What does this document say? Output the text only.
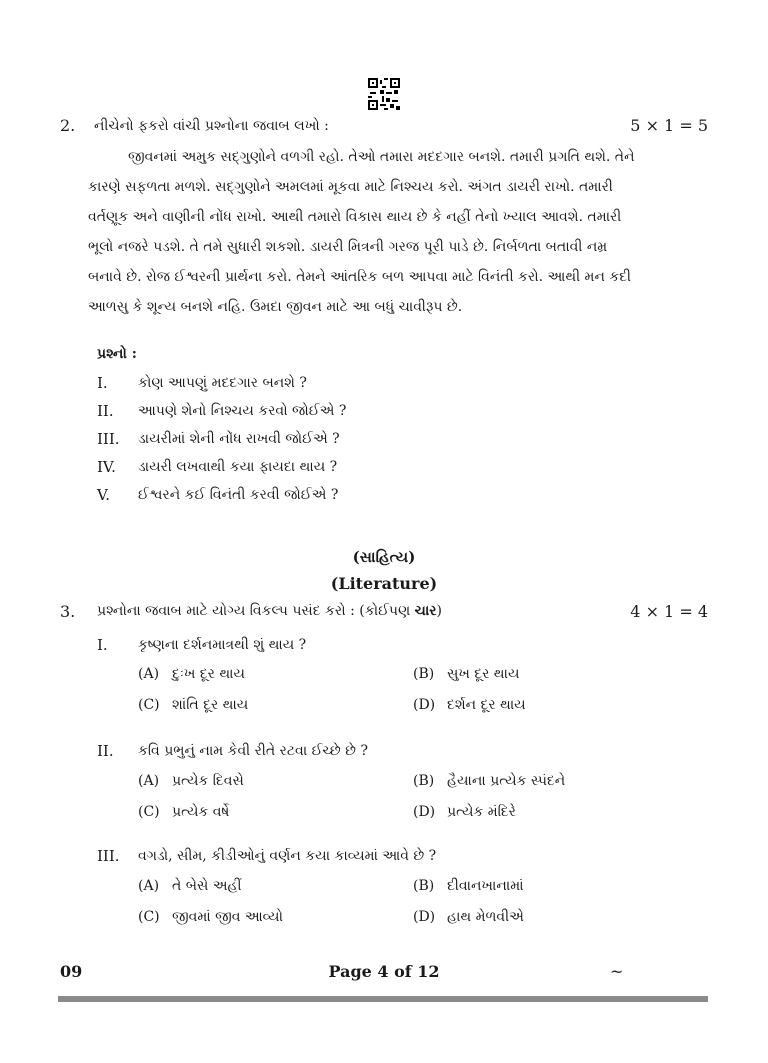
2. નીચેનો ફકરો વાંચી પ્રશ્નોના જવાબ લખો :	5 × 1 = 5
જીવનમાં અમુક સદ્ગુણોને વળગી રહો. તેઓ તમારા મદદગાર બનશે. તમારી પ્રગતિ થશે. તેને
કારણે સફળતા મળશે. સદ્ગુણોને અમલમાં મૂકવા માટે નિશ્ચય કરો. અંગત ડાયરી રાખો. તમારી
વર્તણૂક અને વાણીની નોંધ રાખો. આથી તમારો વિકાસ થાય છે કે નહીં તેનો ખ્યાલ આવશે. તમારી
ભૂલો નજરે પડશે. તે તમે સુધારી શકશો. ડાયરી મિત્રની ગરજ પૂરી પાડે છે. નિર્બળતા બતાવી નમ્ર
બનાવે છે. રોજ ઈશ્વરની પ્રાર્થના કરો. તેમને આંતરિક બળ આપવા માટે વિનંતી કરો. આથી મન કદી
આળસુ કે શૂન્ય બનશે નહિ. ઉમદા જીવન માટે આ બધું ચાવીરૂપ છે.
પ્રશ્નો :
I. કોણ આપણું મદદગાર બનશે ?
II. આપણે શેનો નિશ્ચય કરવો જોઈએ ?
III. ડાયરીમાં શેની નોંધ રાખવી જોઈએ ?
IV. ડાયરી લખવાથી કયા ફાયદા થાય ?
V. ઈશ્વરને કઈ વિનંતી કરવી જોઈએ ?
(સાહિત્ય)
(Literature)
3. પ્રશ્નોના જવાબ માટે યોગ્ય વિકલ્પ પસંદ કરો : (કોઈપણ ચાર)	4 × 1 = 4
I. કૃષ્ણના દર્શનમાત્રથી શું થાય ?
(A) દુઃખ દૂર થાય	(B) સુખ દૂર થાય
(C) શાંતિ દૂર થાય	(D) દર્શન દૂર થાય
II. કવિ પ્રભુનું નામ કેવી રીતે રટવા ઈચ્છે છે ?
(A) પ્રત્યેક દિવસે	(B) હૈયાના પ્રત્યેક સ્પંદને
(C) પ્રત્યેક વર્ષે	(D) પ્રત્યેક મંદિરે
III. વગડો, સીમ, કીડીઓનું વર્ણન કયા કાવ્યમાં આવે છે ?
(A) તે બેસે અહીં	(B) દીવાનખાનામાં
(C) જીવમાં જીવ આવ્યો	(D) હાથ મેળવીએ
09	Page 4 of 12	~
